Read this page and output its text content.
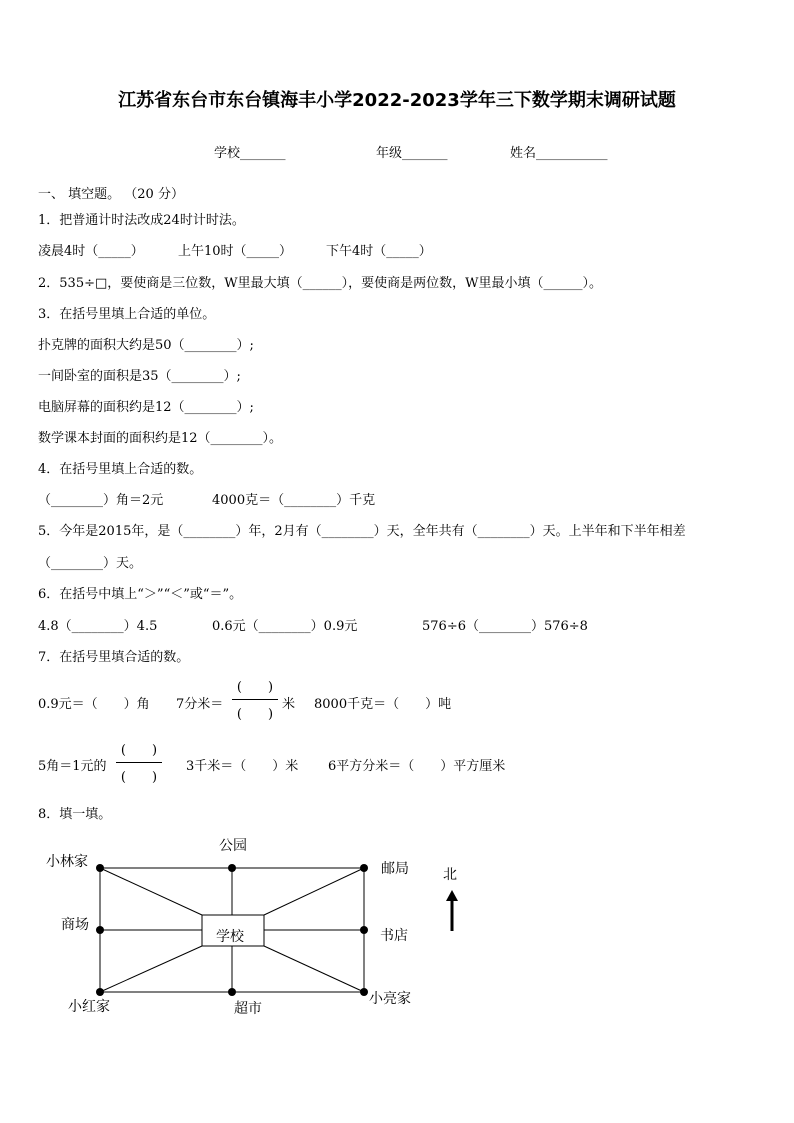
江苏省东台市东台镇海丰小学2022-2023学年三下数学期末调研试题
学校_______	年级_______	姓名___________
一、 填空题。 （20 分）
1．把普通计时法改成24时计时法。
凌晨4时（_____）	上午10时（_____）	下午4时（_____）
2．535÷□，要使商是三位数，W里最大填（______），要使商是两位数，W里最小填（______）。
3．在括号里填上合适的单位。
扑克牌的面积大约是50（________）;
一间卧室的面积是35（________）;
电脑屏幕的面积约是12（________）;
数学课本封面的面积约是12（________）。
4．在括号里填上合适的数。
（________）角＝2元	4000克＝（________）千克
5．今年是2015年，是（________）年，2月有（________）天，全年共有（________）天。上半年和下半年相差
（________）天。
6．在括号中填上“＞”“＜”或“＝”。
4.8（________）4.5	0.6元（________）0.9元	576÷6（________）576÷8
7．在括号里填合适的数。
0.9元＝（　　）角 7分米＝
(　　)
(　　)
米 8000千克＝（　　）吨
5角＝1元的
(　　)
(　　)
3千米＝（　　）米 6平方分米＝（　　）平方厘米
8．填一填。
公园
小林家	邮局
商场
学校	书店
小红家	超市
小亮家
北
